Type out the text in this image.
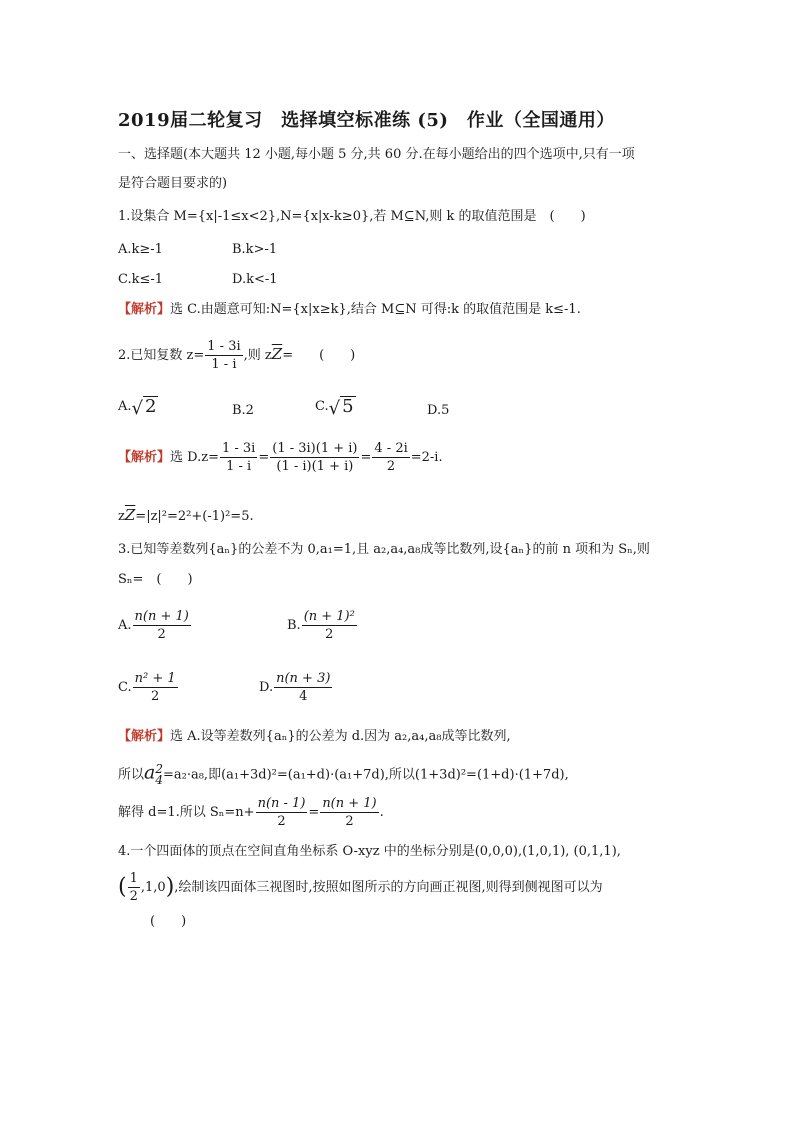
2019届二轮复习　选择填空标准练 (5)　作业（全国通用）
一、选择题(本大题共 12 小题,每小题 5 分,共 60 分.在每小题给出的四个选项中,只有一项
是符合题目要求的)
1.设集合 M={x|-1≤x<2},N={x|x-k≥0},若 M⊆N,则 k 的取值范围是　(　　)
A.k≥-1	B.k>-1
C.k≤-1	D.k<-1
【解析】选 C.由题意可知:N={x|x≥k},结合 M⊆N 可得:k 的取值范围是 k≤-1.
2.已知复数 $z= \frac{1 - 3i}{1 - i}$ ,则 $z\overline{Z}=$　　(　　)
A.√ 2	B.2	C.√ 5	D.5
【解析】选 $D.z= \frac{1 - 3i}{1 - i} = \frac{(1 - 3i)(1 + i)}{(1 - i)(1 + i)} = \frac{4 - 2i}{2} =2-i$.
$z\overline{Z}=|z|^2=2^2+(-1)^2=5$.
3.已知等差数列{aₙ}的公差不为 0,a₁=1,且 a₂,a₄,a₈成等比数列,设{aₙ}的前 n 项和为 Sₙ,则
Sₙ=　(　　)
A. $\frac{n(n + 1)}{2}$	B. $\frac{\text{(n + 1)²}}{2}$
C. $\frac{\text{n² + 1}}{2}$	D. $\frac{n(n + 3)}{4}$
【解析】选 A.设等差数列{aₙ}的公差为 d.因为 a₂,a₄,a₈成等比数列,
所以a 2
4 =a₂·a₈,即(a₁+3d)²=(a₁+d)·(a₁+7d),所以(1+3d)²=(1+d)·(1+7d),
解得 d=1.所以 $S_n=n+ \frac{n(n - 1)}{2} = \frac{n(n + 1)}{2}$ .
4.一个四面体的顶点在空间直角坐标系 O-xyz 中的坐标分别是(0,0,0),(1,0,1), (0,1,1),
( $\frac{1}{2} ,1,0$),绘制该四面体三视图时,按照如图所示的方向画正视图,则得到侧视图可以为
(　　)
